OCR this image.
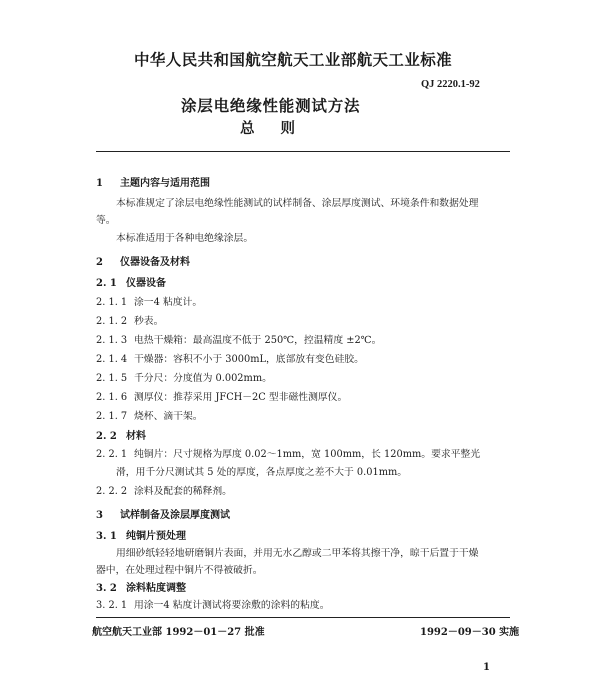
中华人民共和国航空航天工业部航天工业标准
QJ 2220.1-92
涂层电绝缘性能测试方法
总则
1 主题内容与适用范围
本标准规定了涂层电绝缘性能测试的试样制备、涂层厚度测试、环境条件和数据处理
等。
本标准适用于各种电绝缘涂层。
2 仪器设备及材料
2. 1 仪器设备
2. 1. 1 涂一4 粘度计。
2. 1. 2 秒表。
2. 1. 3 电热干燥箱：最高温度不低于 250℃，控温精度 ±2℃。
2. 1. 4 干燥器：容积不小于 3000mL，底部放有变色硅胶。
2. 1. 5 千分尺：分度值为 0.002mm。
2. 1. 6 测厚仪：推荐采用 JFCH－2C 型非磁性测厚仪。
2. 1. 7 烧杯、滴干架。
2. 2 材料
2. 2. 1 纯铜片：尺寸规格为厚度 0.02～1mm，宽 100mm，长 120mm。要求平整光
滑，用千分尺测试其 5 处的厚度，各点厚度之差不大于 0.01mm。
2. 2. 2 涂料及配套的稀释剂。
3 试样制备及涂层厚度测试
3. 1 纯铜片预处理
用细砂纸轻轻地研磨铜片表面，并用无水乙醇或二甲苯将其擦干净，晾干后置于干燥
器中，在处理过程中铜片不得被破折。
3. 2 涂料粘度调整
3. 2. 1 用涂一4 粘度计测试将要涂敷的涂料的粘度。
航空航天工业部 1992－01－27 批准	1992－09－30 实施
1
